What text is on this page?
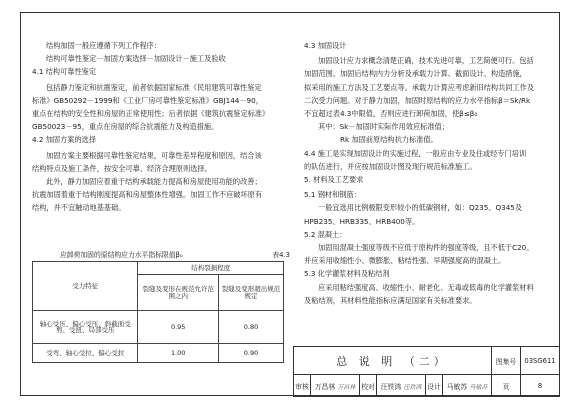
结构加固一般应遵循下列工作程序：

结构可靠性鉴定－加固方案选择－加固设计－施工及验收

4.1 结构可靠性鉴定

包括静力鉴定和抗震鉴定，前者依据国家标准《民用建筑可靠性鉴定

标准》GB50292－1999和《工业厂房可靠性鉴定标准》GBJ144－90，

重点在结构的安全性和房屋的正常使用性；后者依据《建筑抗震鉴定标准》

GB50023－95，重点在房屋的综合抗震能力及构造措施。

4.2 加固方案的选择

加固方案主要根据可靠性鉴定结果，可靠性差异程度和原因，结合该

结构特点及施工条件，按安全可靠、经济合理原则选择。

此外，静力加固应着重于结构承载能力提高和房屋使用功能的改善；

抗震加固着重于结构刚度提高和房屋整体性增强。加固工作不应破坏原有

结构，并不宜触动地基基础。

应卸荷加固的原结构应力水平指标限值β₀	表4.3
受力特征	结构裂损程度	
	裂缝及变形在规范允许范围之内	裂缝及变形超出规范规定
轴心受压、偏心受压、斜截面受剪、受扭、局部受压	0.95	0.80
受弯、轴心受拉、偏心受拉	1.00	0.90

4.3 加固设计

加固设计应力求概念清楚正确，技术先进可靠，工艺简便可行。包括

加固范围、加固后结构内力分析及承载力计算、截面设计、构造措施，

拟采用的施工方法及工艺要点等。承载力计算应考虑新旧结构共同工作及

二次受力问题。对于静力加固，加固时原结构的应力水平指标β＝Sk/Rk

不宜超过表4.3中限值，否则应进行卸荷加固，使β≤β₀

其中：Sk－加固时实际作用效应标准值；

Rk 加固前原结构抗力标准值。

4.4 施工是实现加固设计的实施过程，一般应由专业及住或经专门培训

的队伍进行，并应按加固设计图及现行规范标准施工。

5. 材料及工艺要求

5.1 钢材和钢筋：

一般宜选用比例极限变形较小的低碳钢材，如：Q235、Q345及

HPB235、HRB335、HRB400等。

5.2 混凝土：

加固用混凝土强度等级不应低于原构件的强度等级，且不低于C20。

并应采用收缩性小、微膨胀、粘结性强、早期强度高的混凝土。

5.3 化学灌浆材料及粘结剂

应采用粘结强度高、收缩性小、耐老化、无毒或低毒的化学灌浆材料

及粘结剂，其材料性能指标应满足国家有关标准要求。

总 说 明 （二）						图集号	03SG611
审核	万昌林 万昌林	校对	汪铁鸿 汪铁鸿	设计	马敏苏 马敏苏	页	8
